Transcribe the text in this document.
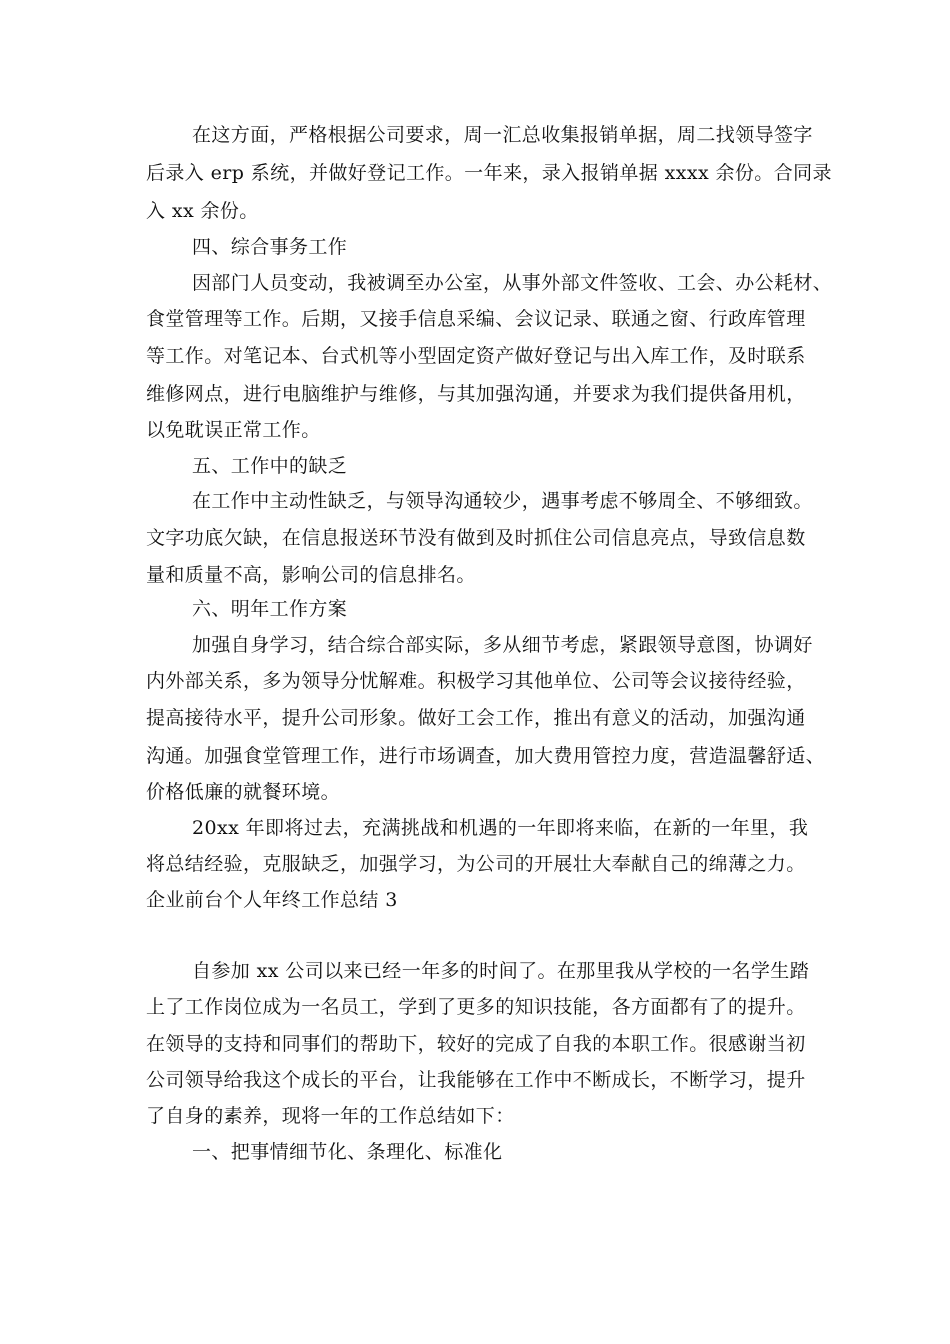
在这方面，严格根据公司要求，周一汇总收集报销单据，周二找领导签字
后录入 erp 系统，并做好登记工作。一年来，录入报销单据 xxxx 余份。合同录
入 xx 余份。
四、综合事务工作
因部门人员变动，我被调至办公室，从事外部文件签收、工会、办公耗材、
食堂管理等工作。后期，又接手信息采编、会议记录、联通之窗、行政库管理
等工作。对笔记本、台式机等小型固定资产做好登记与出入库工作，及时联系
维修网点，进行电脑维护与维修，与其加强沟通，并要求为我们提供备用机，
以免耽误正常工作。
五、工作中的缺乏
在工作中主动性缺乏，与领导沟通较少，遇事考虑不够周全、不够细致。
文字功底欠缺，在信息报送环节没有做到及时抓住公司信息亮点，导致信息数
量和质量不高，影响公司的信息排名。
六、明年工作方案
加强自身学习，结合综合部实际，多从细节考虑，紧跟领导意图，协调好
内外部关系，多为领导分忧解难。积极学习其他单位、公司等会议接待经验，
提高接待水平，提升公司形象。做好工会工作，推出有意义的活动，加强沟通
沟通。加强食堂管理工作，进行市场调查，加大费用管控力度，营造温馨舒适、
价格低廉的就餐环境。
20xx 年即将过去，充满挑战和机遇的一年即将来临，在新的一年里，我
将总结经验，克服缺乏，加强学习，为公司的开展壮大奉献自己的绵薄之力。
企业前台个人年终工作总结 3
自参加 xx 公司以来已经一年多的时间了。在那里我从学校的一名学生踏
上了工作岗位成为一名员工，学到了更多的知识技能，各方面都有了的提升。
在领导的支持和同事们的帮助下，较好的完成了自我的本职工作。很感谢当初
公司领导给我这个成长的平台，让我能够在工作中不断成长，不断学习，提升
了自身的素养，现将一年的工作总结如下：
一、把事情细节化、条理化、标准化
